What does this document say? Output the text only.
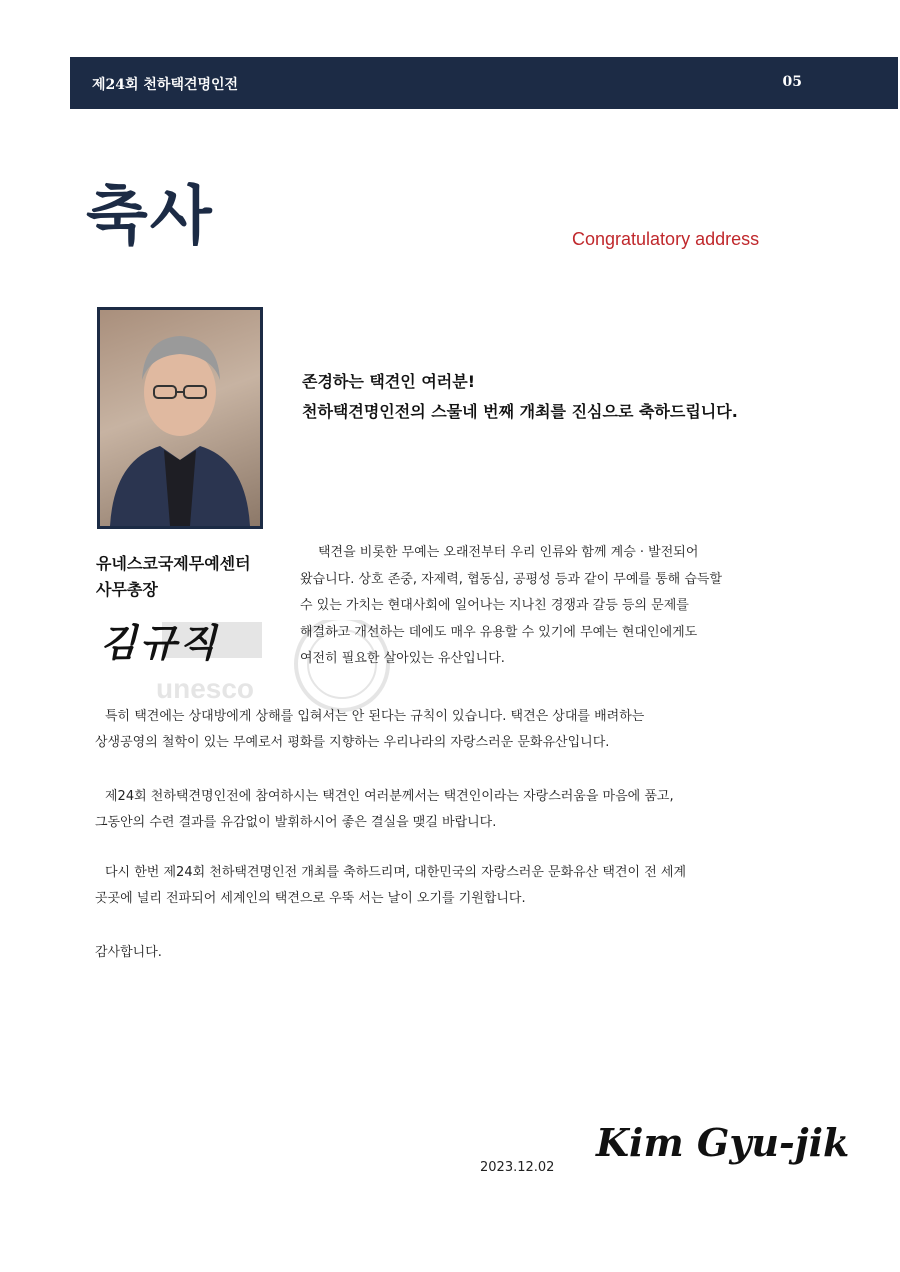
제24회 천하택견명인전	05
축사	Congratulatory address
존경하는 택견인 여러분!
천하택견명인전의 스물네 번째 개최를 진심으로 축하드립니다.
유네스코국제무예센터
사무총장
unesco
김규직
택견을 비롯한 무예는 오래전부터 우리 인류와 함께 계승 · 발전되어
왔습니다. 상호 존중, 자제력, 협동심, 공평성 등과 같이 무예를 통해 습득할
수 있는 가치는 현대사회에 일어나는 지나친 경쟁과 갈등 등의 문제를
해결하고 개선하는 데에도 매우 유용할 수 있기에 무예는 현대인에게도
여전히 필요한 살아있는 유산입니다.
특히 택견에는 상대방에게 상해를 입혀서는 안 된다는 규칙이 있습니다. 택견은 상대를 배려하는
상생공영의 철학이 있는 무예로서 평화를 지향하는 우리나라의 자랑스러운 문화유산입니다.
제24회 천하택견명인전에 참여하시는 택견인 여러분께서는 택견인이라는 자랑스러움을 마음에 품고,
그동안의 수련 결과를 유감없이 발휘하시어 좋은 결실을 맺길 바랍니다.
다시 한번 제24회 천하택견명인전 개최를 축하드리며, 대한민국의 자랑스러운 문화유산 택견이 전 세계
곳곳에 널리 전파되어 세계인의 택견으로 우뚝 서는 날이 오기를 기원합니다.
감사합니다.
2023.12.02
Kim Gyu-jik
